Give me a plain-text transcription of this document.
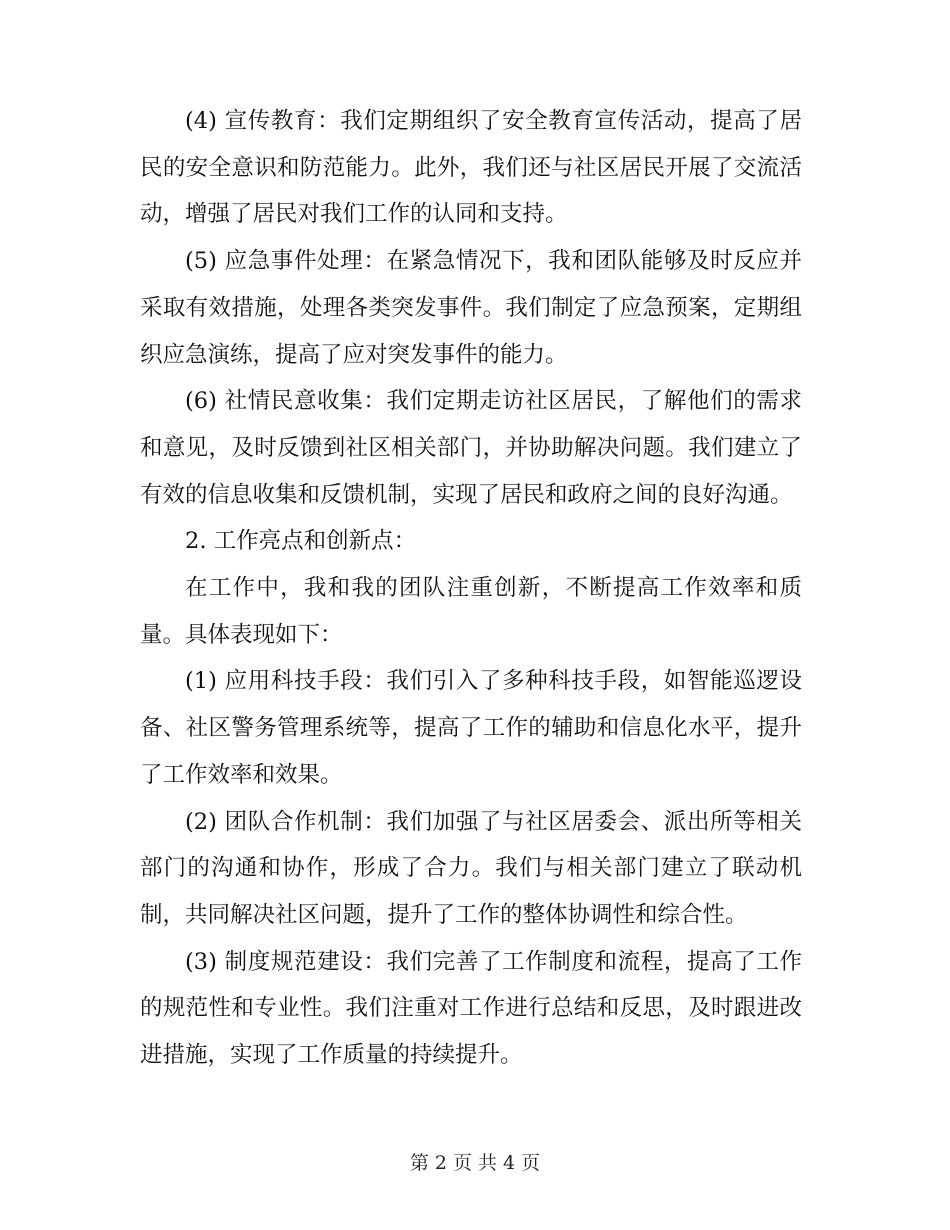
(4) 宣传教育：我们定期组织了安全教育宣传活动，提高了居民的安全意识和防范能力。此外，我们还与社区居民开展了交流活动，增强了居民对我们工作的认同和支持。

(5) 应急事件处理：在紧急情况下，我和团队能够及时反应并采取有效措施，处理各类突发事件。我们制定了应急预案，定期组织应急演练，提高了应对突发事件的能力。

(6) 社情民意收集：我们定期走访社区居民，了解他们的需求和意见，及时反馈到社区相关部门，并协助解决问题。我们建立了有效的信息收集和反馈机制，实现了居民和政府之间的良好沟通。

2. 工作亮点和创新点：

在工作中，我和我的团队注重创新，不断提高工作效率和质量。具体表现如下：

(1) 应用科技手段：我们引入了多种科技手段，如智能巡逻设备、社区警务管理系统等，提高了工作的辅助和信息化水平，提升了工作效率和效果。

(2) 团队合作机制：我们加强了与社区居委会、派出所等相关部门的沟通和协作，形成了合力。我们与相关部门建立了联动机制，共同解决社区问题，提升了工作的整体协调性和综合性。

(3) 制度规范建设：我们完善了工作制度和流程，提高了工作的规范性和专业性。我们注重对工作进行总结和反思，及时跟进改进措施，实现了工作质量的持续提升。

第 2 页 共 4 页
